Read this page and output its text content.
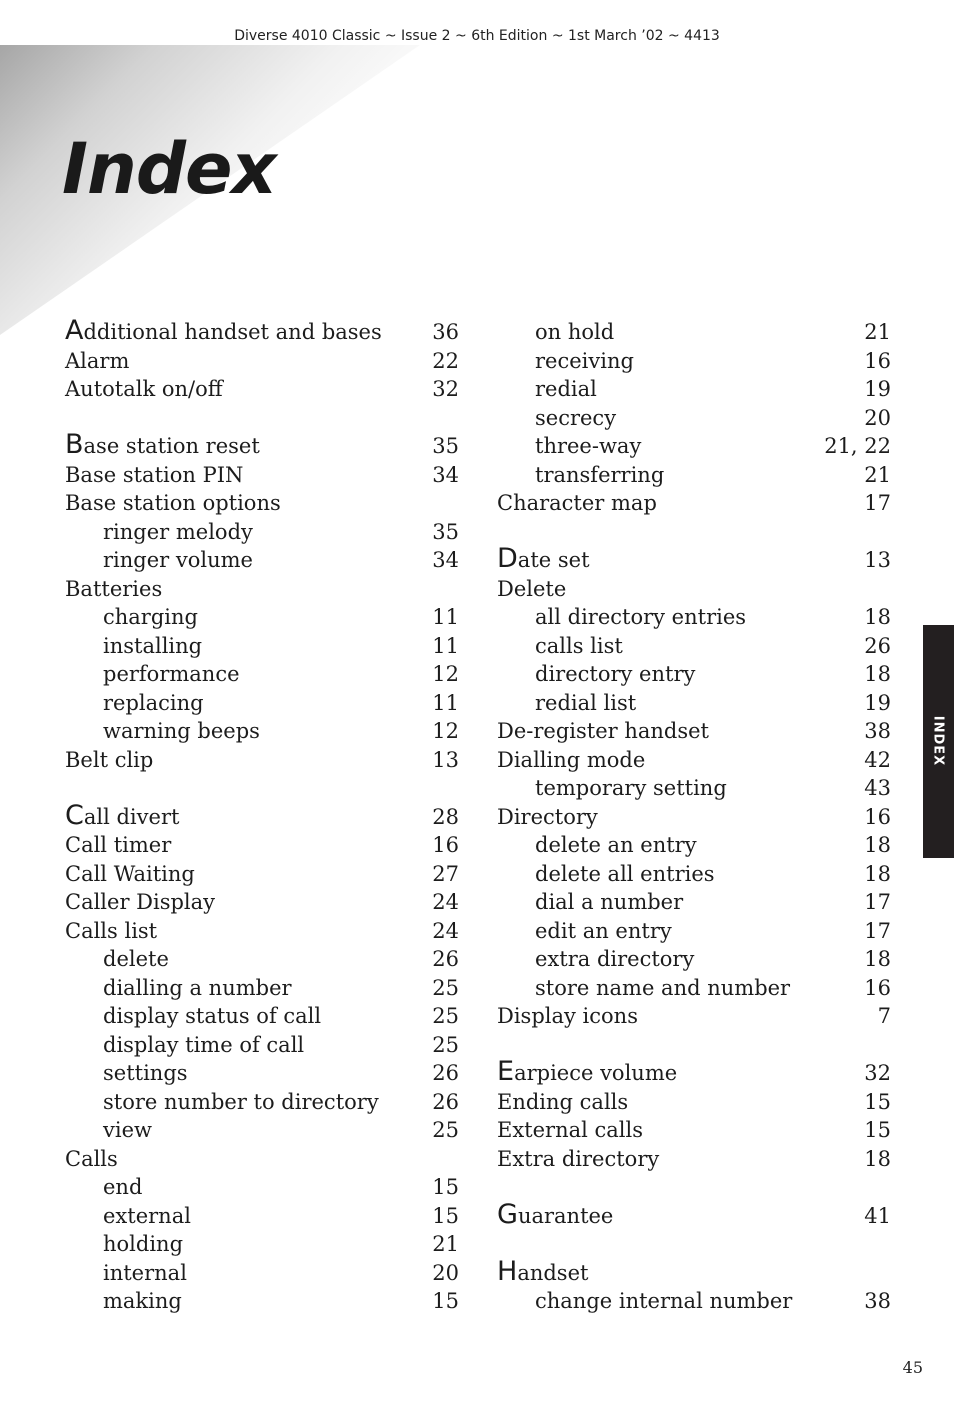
Diverse 4010 Classic ~ Issue 2 ~ 6th Edition ~ 1st March ’02 ~ 4413
Index
Additional handset and bases 36
Alarm	22
Autotalk on/off	32
Base station reset	35
Base station PIN	34
Base station options
ringer melody	35
ringer volume	34
Batteries
charging	11
installing	11
performance	12
replacing	11
warning beeps	12
Belt clip	13
Call divert	28
Call timer	16
Call Waiting	27
Caller Display	24
Calls list	24
delete	26
dialling a number	25
display status of call	25
display time of call	25
settings	26
store number to directory	26
view	25
Calls
end	15
external	15
holding	21
internal	20
making	15
on hold	21
receiving	16
redial	19
secrecy	20
three-way	21, 22
transferring	21
Character map	17
Date set	13
Delete
all directory entries	18
calls list	26
directory entry	18
redial list	19
De-register handset	38
Dialling mode	42
temporary setting	43
Directory	16
delete an entry	18
delete all entries	18
dial a number	17
edit an entry	17
extra directory	18
store name and number	16
Display icons	7
Earpiece volume	32
Ending calls	15
External calls	15
Extra directory	18
Guarantee	41
Handset
change internal number	38
INDEX
45
